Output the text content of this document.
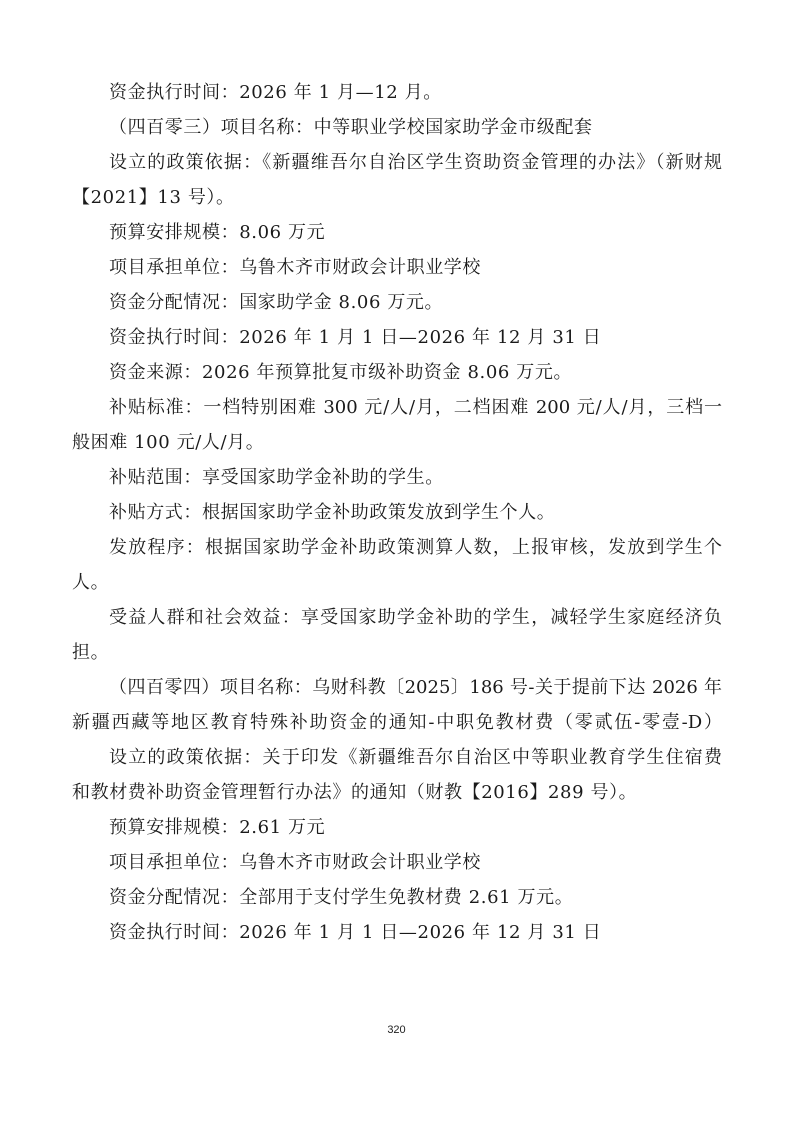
资金执行时间：2026 年 1 月—12 月。
（四百零三）项目名称：中等职业学校国家助学金市级配套
设立的政策依据：《新疆维吾尔自治区学生资助资金管理的办法》（新财规
【2021】13 号）。
预算安排规模：8.06 万元
项目承担单位：乌鲁木齐市财政会计职业学校
资金分配情况：国家助学金 8.06 万元。
资金执行时间：2026 年 1 月 1 日—2026 年 12 月 31 日
资金来源：2026 年预算批复市级补助资金 8.06 万元。
补贴标准：一档特别困难 300 元/人/月，二档困难 200 元/人/月，三档一
般困难 100 元/人/月。
补贴范围：享受国家助学金补助的学生。
补贴方式：根据国家助学金补助政策发放到学生个人。
发放程序：根据国家助学金补助政策测算人数，上报审核，发放到学生个
人。
受益人群和社会效益：享受国家助学金补助的学生，减轻学生家庭经济负
担。
（四百零四）项目名称：乌财科教〔2025〕186 号-关于提前下达 2026 年
新疆西藏等地区教育特殊补助资金的通知-中职免教材费（零贰伍-零壹-D）
设立的政策依据：关于印发《新疆维吾尔自治区中等职业教育学生住宿费
和教材费补助资金管理暂行办法》的通知（财教【2016】289 号）。
预算安排规模：2.61 万元
项目承担单位：乌鲁木齐市财政会计职业学校
资金分配情况：全部用于支付学生免教材费 2.61 万元。
资金执行时间：2026 年 1 月 1 日—2026 年 12 月 31 日
320
